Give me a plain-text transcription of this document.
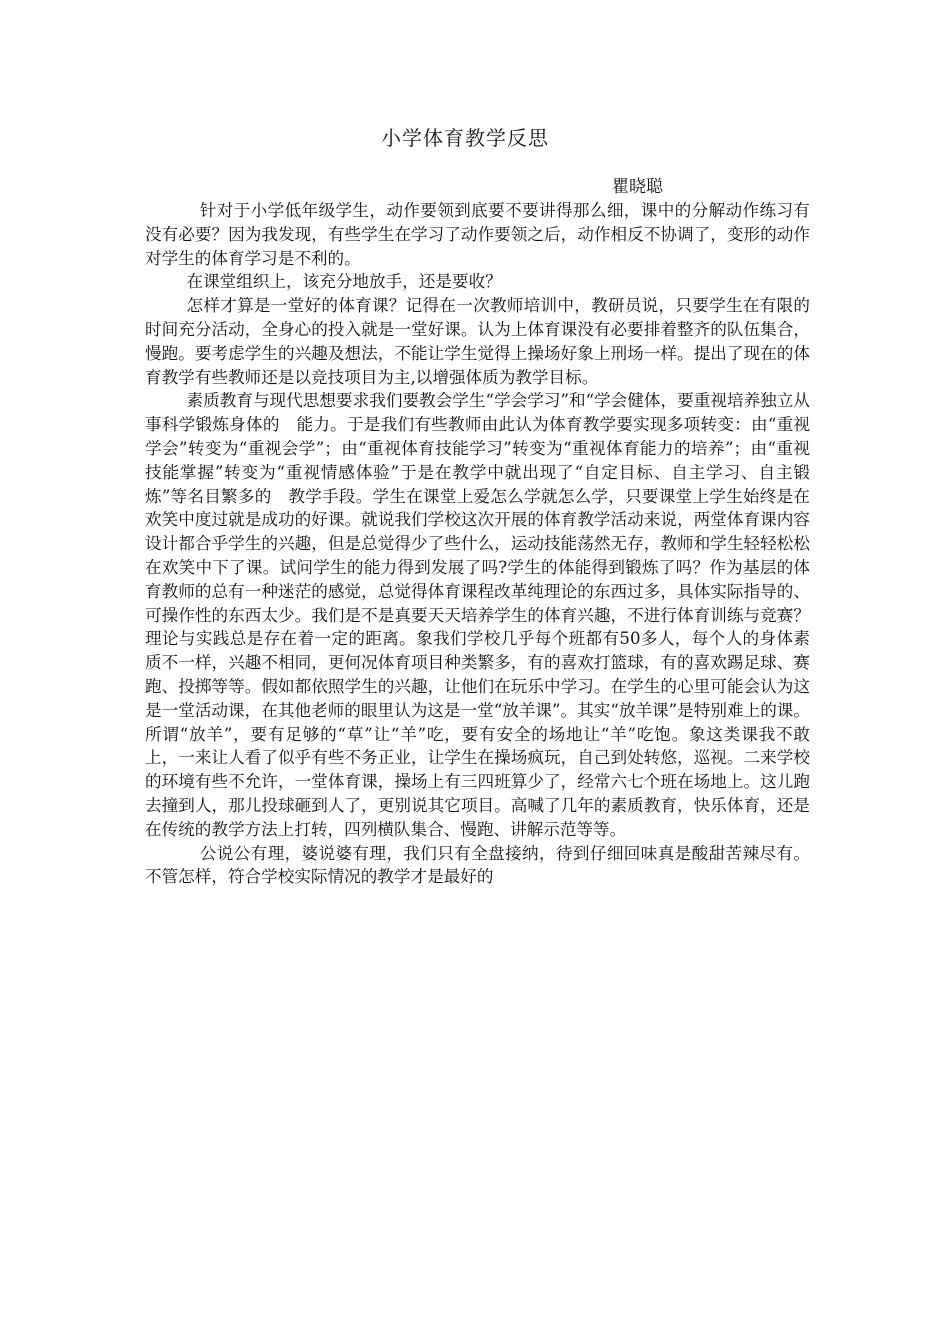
小学体育教学反思
瞿晓聪

针对于小学低年级学生，动作要领到底要不要讲得那么细，课中的分解动作练习有没有必要？因为我发现，有些学生在学习了动作要领之后，动作相反不协调了，变形的动作对学生的体育学习是不利的。

在课堂组织上，该充分地放手，还是要收？

怎样才算是一堂好的体育课？记得在一次教师培训中，教研员说，只要学生在有限的时间充分活动，全身心的投入就是一堂好课。认为上体育课没有必要排着整齐的队伍集合，慢跑。要考虑学生的兴趣及想法，不能让学生觉得上操场好象上刑场一样。提出了现在的体育教学有些教师还是以竞技项目为主,以增强体质为教学目标。

素质教育与现代思想要求我们要教会学生“学会学习”和“学会健体，要重视培养独立从事科学锻炼身体的　能力。于是我们有些教师由此认为体育教学要实现多项转变：由“重视学会”转变为“重视会学”；由“重视体育技能学习”转变为“重视体育能力的培养”；由“重视技能掌握”转变为“重视情感体验”于是在教学中就出现了“自定目标、自主学习、自主锻炼”等名目繁多的　教学手段。学生在课堂上爱怎么学就怎么学，只要课堂上学生始终是在欢笑中度过就是成功的好课。就说我们学校这次开展的体育教学活动来说，两堂体育课内容设计都合乎学生的兴趣，但是总觉得少了些什么，运动技能荡然无存，教师和学生轻轻松松在欢笑中下了课。试问学生的能力得到发展了吗?学生的体能得到锻炼了吗？作为基层的体育教师的总有一种迷茫的感觉，总觉得体育课程改革纯理论的东西过多，具体实际指导的、可操作性的东西太少。我们是不是真要天天培养学生的体育兴趣，不进行体育训练与竞赛？理论与实践总是存在着一定的距离。象我们学校几乎每个班都有50多人，每个人的身体素质不一样，兴趣不相同，更何况体育项目种类繁多，有的喜欢打篮球，有的喜欢踢足球、赛跑、投掷等等。假如都依照学生的兴趣，让他们在玩乐中学习。在学生的心里可能会认为这是一堂活动课，在其他老师的眼里认为这是一堂“放羊课”。其实“放羊课”是特别难上的课。所谓“放羊”，要有足够的“草”让“羊”吃，要有安全的场地让“羊”吃饱。象这类课我不敢上，一来让人看了似乎有些不务正业，让学生在操场疯玩，自己到处转悠，巡视。二来学校的环境有些不允许，一堂体育课，操场上有三四班算少了，经常六七个班在场地上。这儿跑去撞到人，那儿投球砸到人了，更别说其它项目。高喊了几年的素质教育，快乐体育，还是在传统的教学方法上打转，四列横队集合、慢跑、讲解示范等等。

公说公有理，婆说婆有理，我们只有全盘接纳，待到仔细回味真是酸甜苦辣尽有。不管怎样，符合学校实际情况的教学才是最好的
